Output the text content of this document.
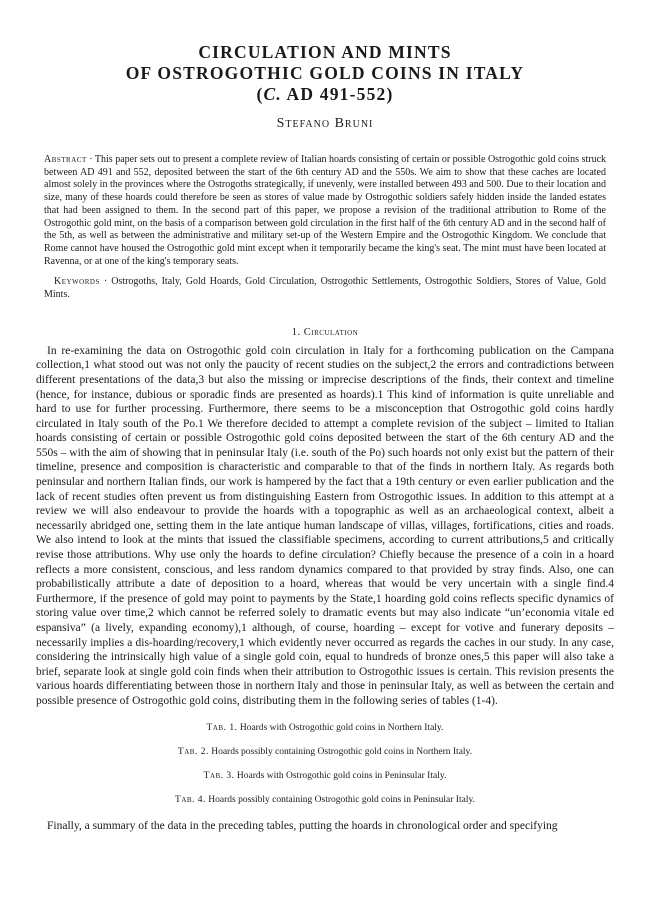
CIRCULATION AND MINTS
OF OSTROGOTHIC GOLD COINS IN ITALY
(C. AD 491-552)
Stefano Bruni
Abstract · This paper sets out to present a complete review of Italian hoards consisting of certain or possible Ostrogothic gold coins struck between AD 491 and 552, deposited between the start of the 6th century AD and the 550s. We aim to show that these caches are located almost solely in the provinces where the Ostrogoths strategically, if unevenly, were installed between 493 and 500. Due to their location and size, many of these hoards could therefore be seen as stores of value made by Ostrogothic soldiers safely hidden inside the landed estates that had been assigned to them. In the second part of this paper, we propose a revision of the traditional attribution to Rome of the Ostrogothic gold mint, on the basis of a comparison between gold circulation in the first half of the 6th century AD and in the second half of the 5th, as well as between the administrative and military set-up of the Western Empire and the Ostrogothic Kingdom. We conclude that Rome cannot have housed the Ostrogothic gold mint except when it temporarily became the king's seat. The mint must have been located at Ravenna, or at one of the king's temporary seats.
Keywords · Ostrogoths, Italy, Gold Hoards, Gold Circulation, Ostrogothic Settlements, Ostrogothic Soldiers, Stores of Value, Gold Mints.
1. Circulation

In re-examining the data on Ostrogothic gold coin circulation in Italy for a forthcoming publication on the Campana collection,1 what stood out was not only the paucity of recent studies on the subject,2 the errors and contradictions between different presentations of the data,3 but also the missing or imprecise descriptions of the finds, their context and timeline (hence, for instance, dubious or sporadic finds are presented as hoards).1 This kind of information is quite unreliable and hard to use for further processing. Furthermore, there seems to be a misconception that Ostrogothic gold coins hardly circulated in Italy south of the Po.1 We therefore decided to attempt a complete revision of the subject – limited to Italian hoards consisting of certain or possible Ostrogothic gold coins deposited between the start of the 6th century AD and the 550s – with the aim of showing that in peninsular Italy (i.e. south of the Po) such hoards not only exist but the pattern of their timeline, presence and composition is characteristic and comparable to that of the finds in northern Italy. As regards both peninsular and northern Italian finds, our work is hampered by the fact that a 19th century or even earlier publication and the lack of recent studies often prevent us from distinguishing Eastern from Ostrogothic issues. In addition to this attempt at a review we will also endeavour to provide the hoards with a topographic as well as an archaeological context, albeit a necessarily abridged one, setting them in the late antique human landscape of villas, villages, fortifications, cities and roads. We also intend to look at the mints that issued the classifiable specimens, according to current attributions,5 and critically revise those attributions. Why use only the hoards to define circulation? Chiefly because the presence of a coin in a hoard reflects a more consistent, conscious, and less random dynamics compared to that provided by stray finds. Also, one can probabilistically attribute a date of deposition to a hoard, whereas that would be very uncertain with a single find.4 Furthermore, if the presence of gold may point to payments by the State,1 hoarding gold coins reflects specific dynamics of storing value over time,2 which cannot be referred solely to dramatic events but may also indicate “un’economia vitale ed espansiva” (a lively, expanding economy),1 although, of course, hoarding – except for votive and funerary deposits – necessarily implies a dis-hoarding/recovery,1 which evidently never occurred as regards the caches in our study. In any case, considering the intrinsically high value of a single gold coin, equal to hundreds of bronze ones,5 this paper will also take a brief, separate look at single gold coin finds when their attribution to Ostrogothic issues is certain. This revision presents the various hoards differentiating between those in northern Italy and those in peninsular Italy, as well as between the certain and possible presence of Ostrogothic gold coins, distributing them in the following series of tables (1-4).

Tab. 1. Hoards with Ostrogothic gold coins in Northern Italy.
Tab. 2. Hoards possibly containing Ostrogothic gold coins in Northern Italy.
Tab. 3. Hoards with Ostrogothic gold coins in Peninsular Italy.
Tab. 4. Hoards possibly containing Ostrogothic gold coins in Peninsular Italy.

Finally, a summary of the data in the preceding tables, putting the hoards in chronological order and specifying
